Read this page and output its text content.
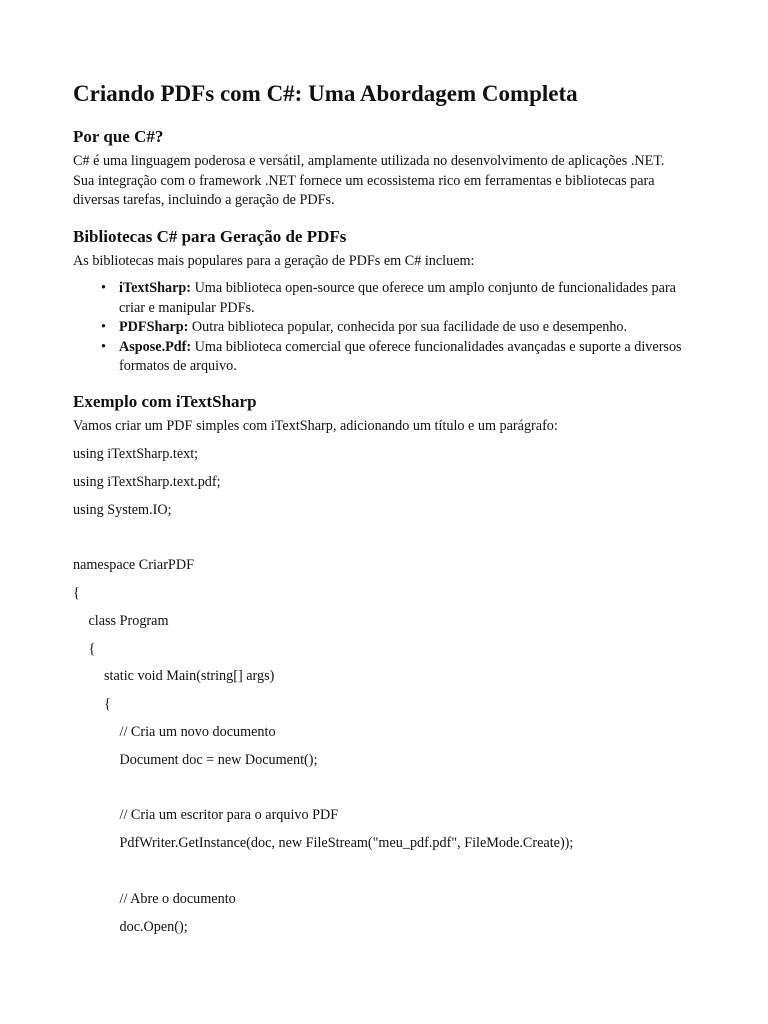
Criando PDFs com C#: Uma Abordagem Completa
Por que C#?

C# é uma linguagem poderosa e versátil, amplamente utilizada no desenvolvimento de aplicações .NET. Sua integração com o framework .NET fornece um ecossistema rico em ferramentas e bibliotecas para diversas tarefas, incluindo a geração de PDFs.

Bibliotecas C# para Geração de PDFs

As bibliotecas mais populares para a geração de PDFs em C# incluem:

• iTextSharp: Uma biblioteca open-source que oferece um amplo conjunto de funcionalidades para criar e manipular PDFs.
• PDFSharp: Outra biblioteca popular, conhecida por sua facilidade de uso e desempenho.
• Aspose.Pdf: Uma biblioteca comercial que oferece funcionalidades avançadas e suporte a diversos formatos de arquivo.
Exemplo com iTextSharp

Vamos criar um PDF simples com iTextSharp, adicionando um título e um parágrafo:

using iTextSharp.text;
using iTextSharp.text.pdf;
using System.IO;
namespace CriarPDF
{
class Program
{
static void Main(string[] args)
{
// Cria um novo documento
Document doc = new Document();
// Cria um escritor para o arquivo PDF
PdfWriter.GetInstance(doc, new FileStream("meu_pdf.pdf", FileMode.Create));
// Abre o documento
doc.Open();
